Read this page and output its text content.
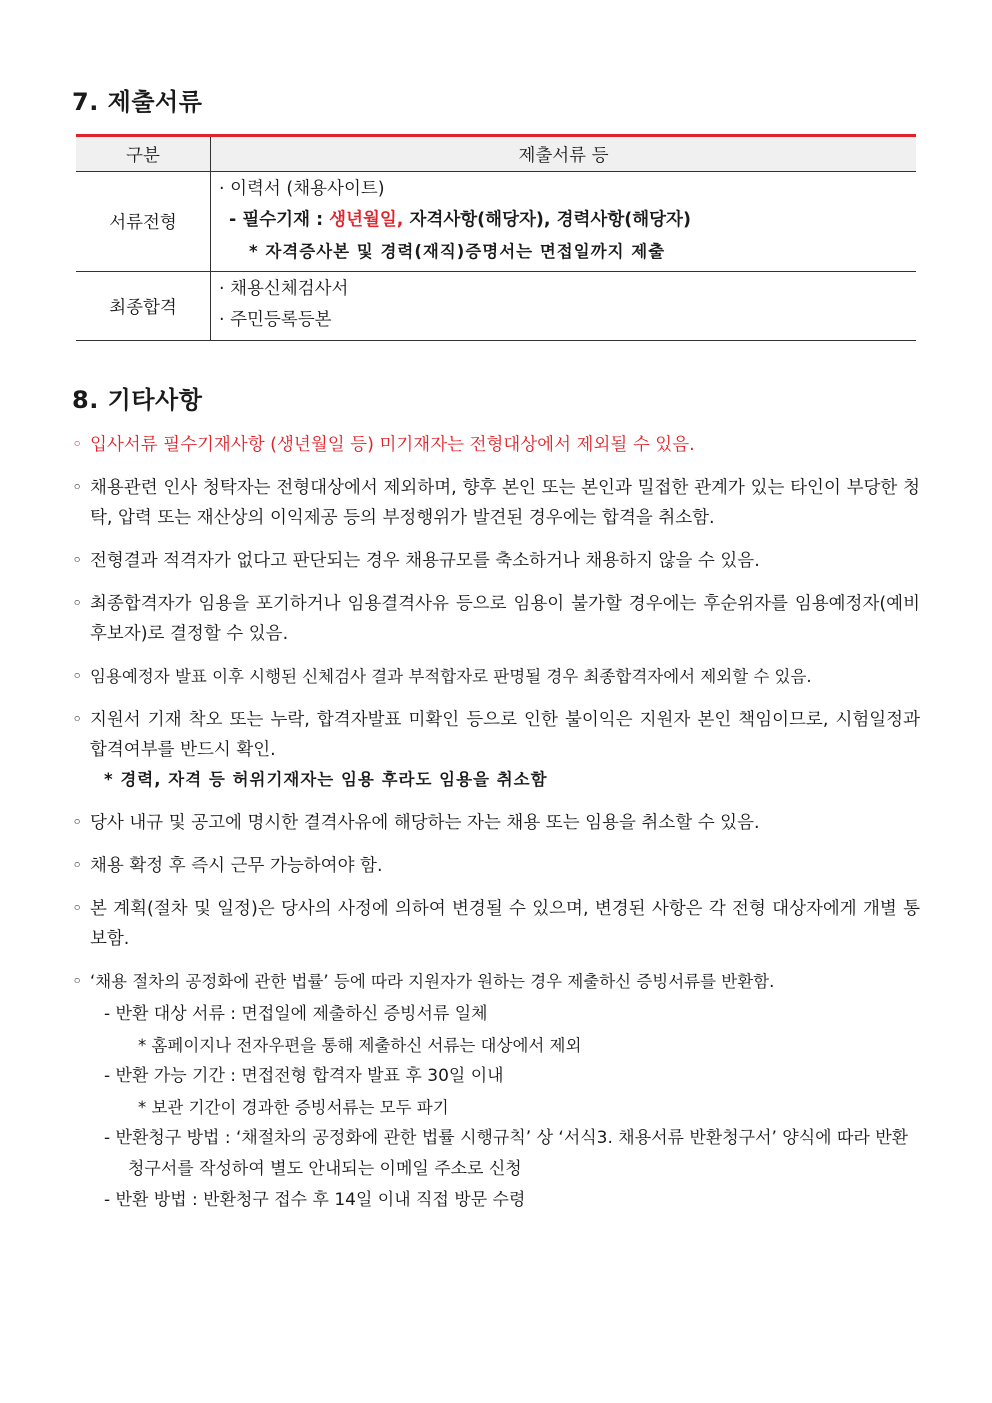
7. 제출서류
구분	제출서류 등
서류전형	· 이력서 (채용사이트)
- 필수기재 : 생년월일, 자격사항(해당자), 경력사항(해당자)
* 자격증사본 및 경력(재직)증명서는 면접일까지 제출

최종합격	· 채용신체검사서
· 주민등록등본
8. 기타사항
◦ 입사서류 필수기재사항 (생년월일 등) 미기재자는 전형대상에서 제외될 수 있음.
◦ 채용관련 인사 청탁자는 전형대상에서 제외하며, 향후 본인 또는 본인과 밀접한 관계가 있는 타인이 부당한 청탁, 압력 또는 재산상의 이익제공 등의 부정행위가 발견된 경우에는 합격을 취소함.
◦ 전형결과 적격자가 없다고 판단되는 경우 채용규모를 축소하거나 채용하지 않을 수 있음.
◦ 최종합격자가 임용을 포기하거나 임용결격사유 등으로 임용이 불가할 경우에는 후순위자를 임용예정자(예비후보자)로 결정할 수 있음.
◦ 임용예정자 발표 이후 시행된 신체검사 결과 부적합자로 판명될 경우 최종합격자에서 제외할 수 있음.
◦ 지원서 기재 착오 또는 누락, 합격자발표 미확인 등으로 인한 불이익은 지원자 본인 책임이므로, 시험일정과 합격여부를 반드시 확인.
* 경력, 자격 등 허위기재자는 임용 후라도 임용을 취소함
◦ 당사 내규 및 공고에 명시한 결격사유에 해당하는 자는 채용 또는 임용을 취소할 수 있음.
◦ 채용 확정 후 즉시 근무 가능하여야 함.
◦ 본 계획(절차 및 일정)은 당사의 사정에 의하여 변경될 수 있으며, 변경된 사항은 각 전형 대상자에게 개별 통보함.
◦ ‘채용 절차의 공정화에 관한 법률’ 등에 따라 지원자가 원하는 경우 제출하신 증빙서류를 반환함.
- 반환 대상 서류 : 면접일에 제출하신 증빙서류 일체
* 홈페이지나 전자우편을 통해 제출하신 서류는 대상에서 제외
- 반환 가능 기간 : 면접전형 합격자 발표 후 30일 이내
* 보관 기간이 경과한 증빙서류는 모두 파기
- 반환청구 방법 : ‘채절차의 공정화에 관한 법률 시행규칙’ 상 ‘서식3. 채용서류 반환청구서’ 양식에 따라 반환청구서를 작성하여 별도 안내되는 이메일 주소로 신청
- 반환 방법 : 반환청구 접수 후 14일 이내 직접 방문 수령
